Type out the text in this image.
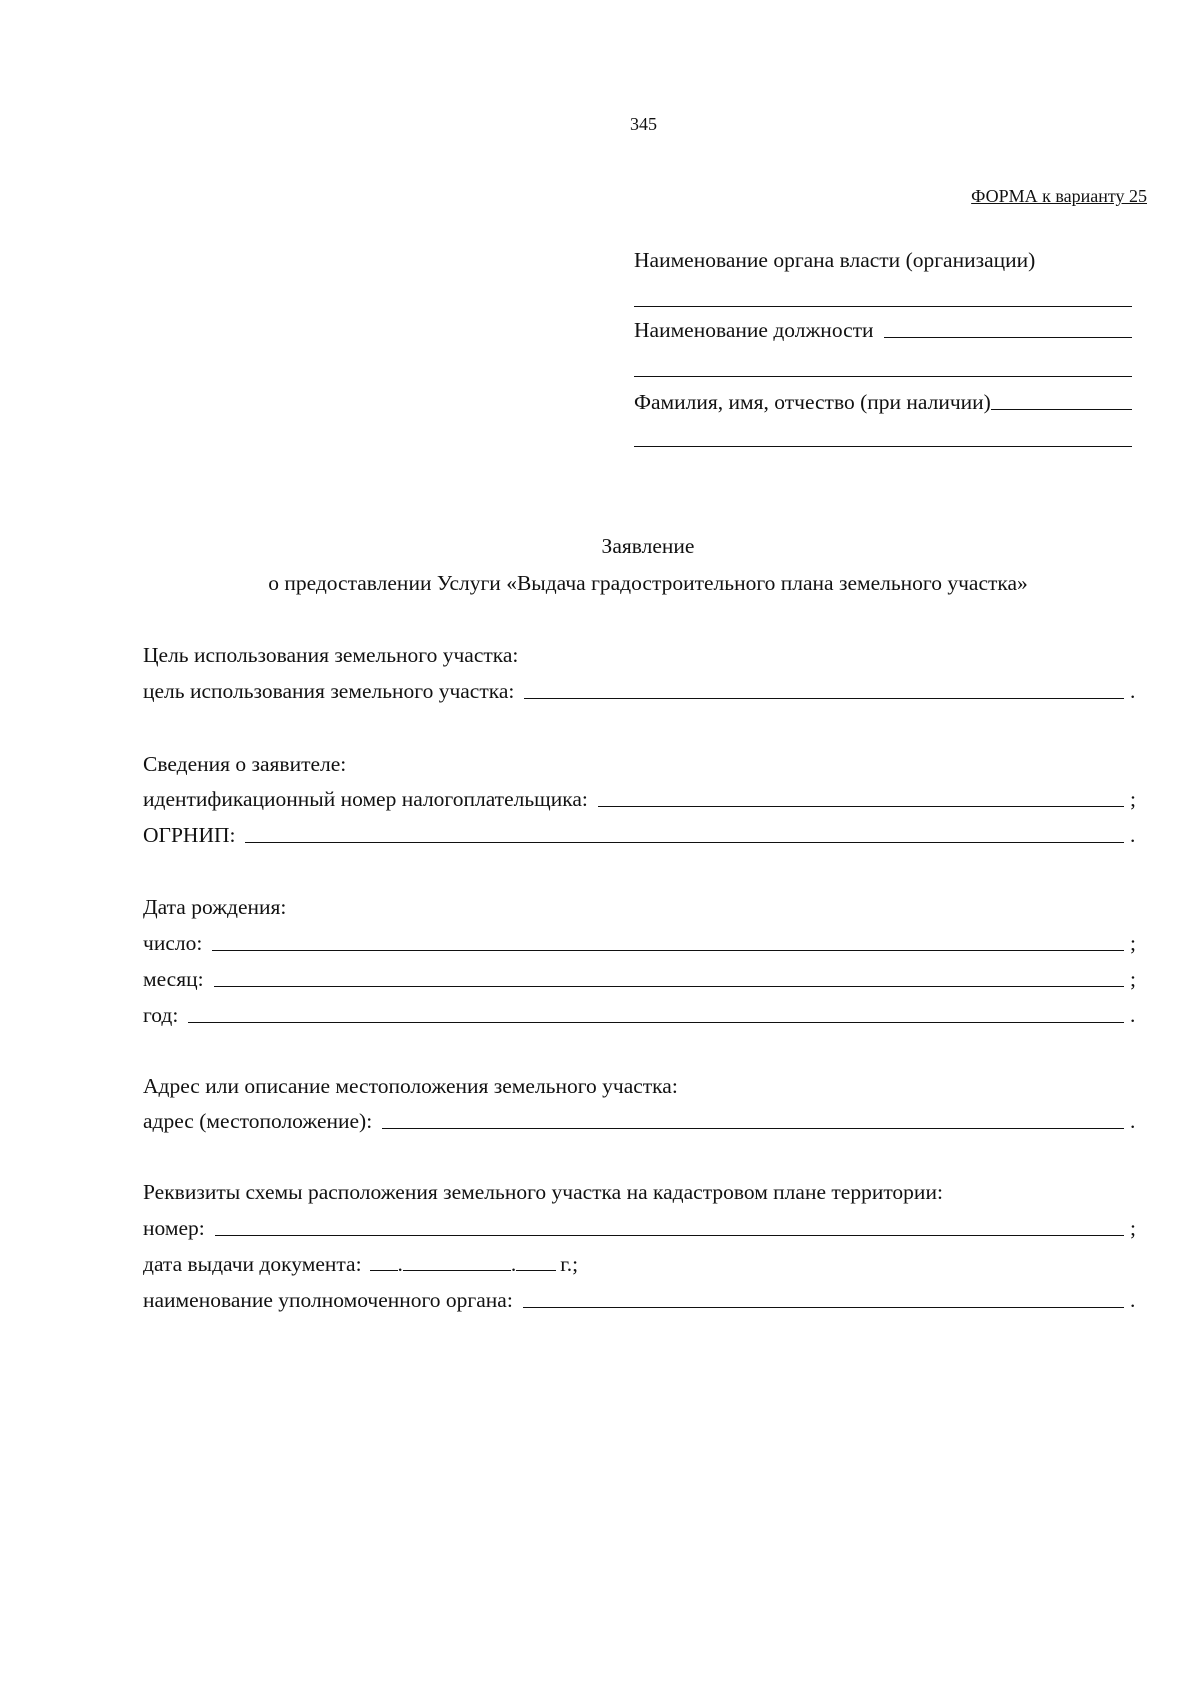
345
ФОРМА к варианту 25
Наименование органа власти (организации)
Наименование должности
Фамилия, имя, отчество (при наличии)
Заявление
о предоставлении Услуги «Выдача градостроительного плана земельного участка»
Цель использования земельного участка:
цель использования земельного участка:	.
Сведения о заявителе:
идентификационный номер налогоплательщика:	;
ОГРНИП:	.
Дата рождения:
число:	;
месяц:	;
год:	.
Адрес или описание местоположения земельного участка:
адрес (местоположение):	.
Реквизиты схемы расположения земельного участка на кадастровом плане территории:
номер:	;
дата выдачи документа: .	. г.;
наименование уполномоченного органа:	.
